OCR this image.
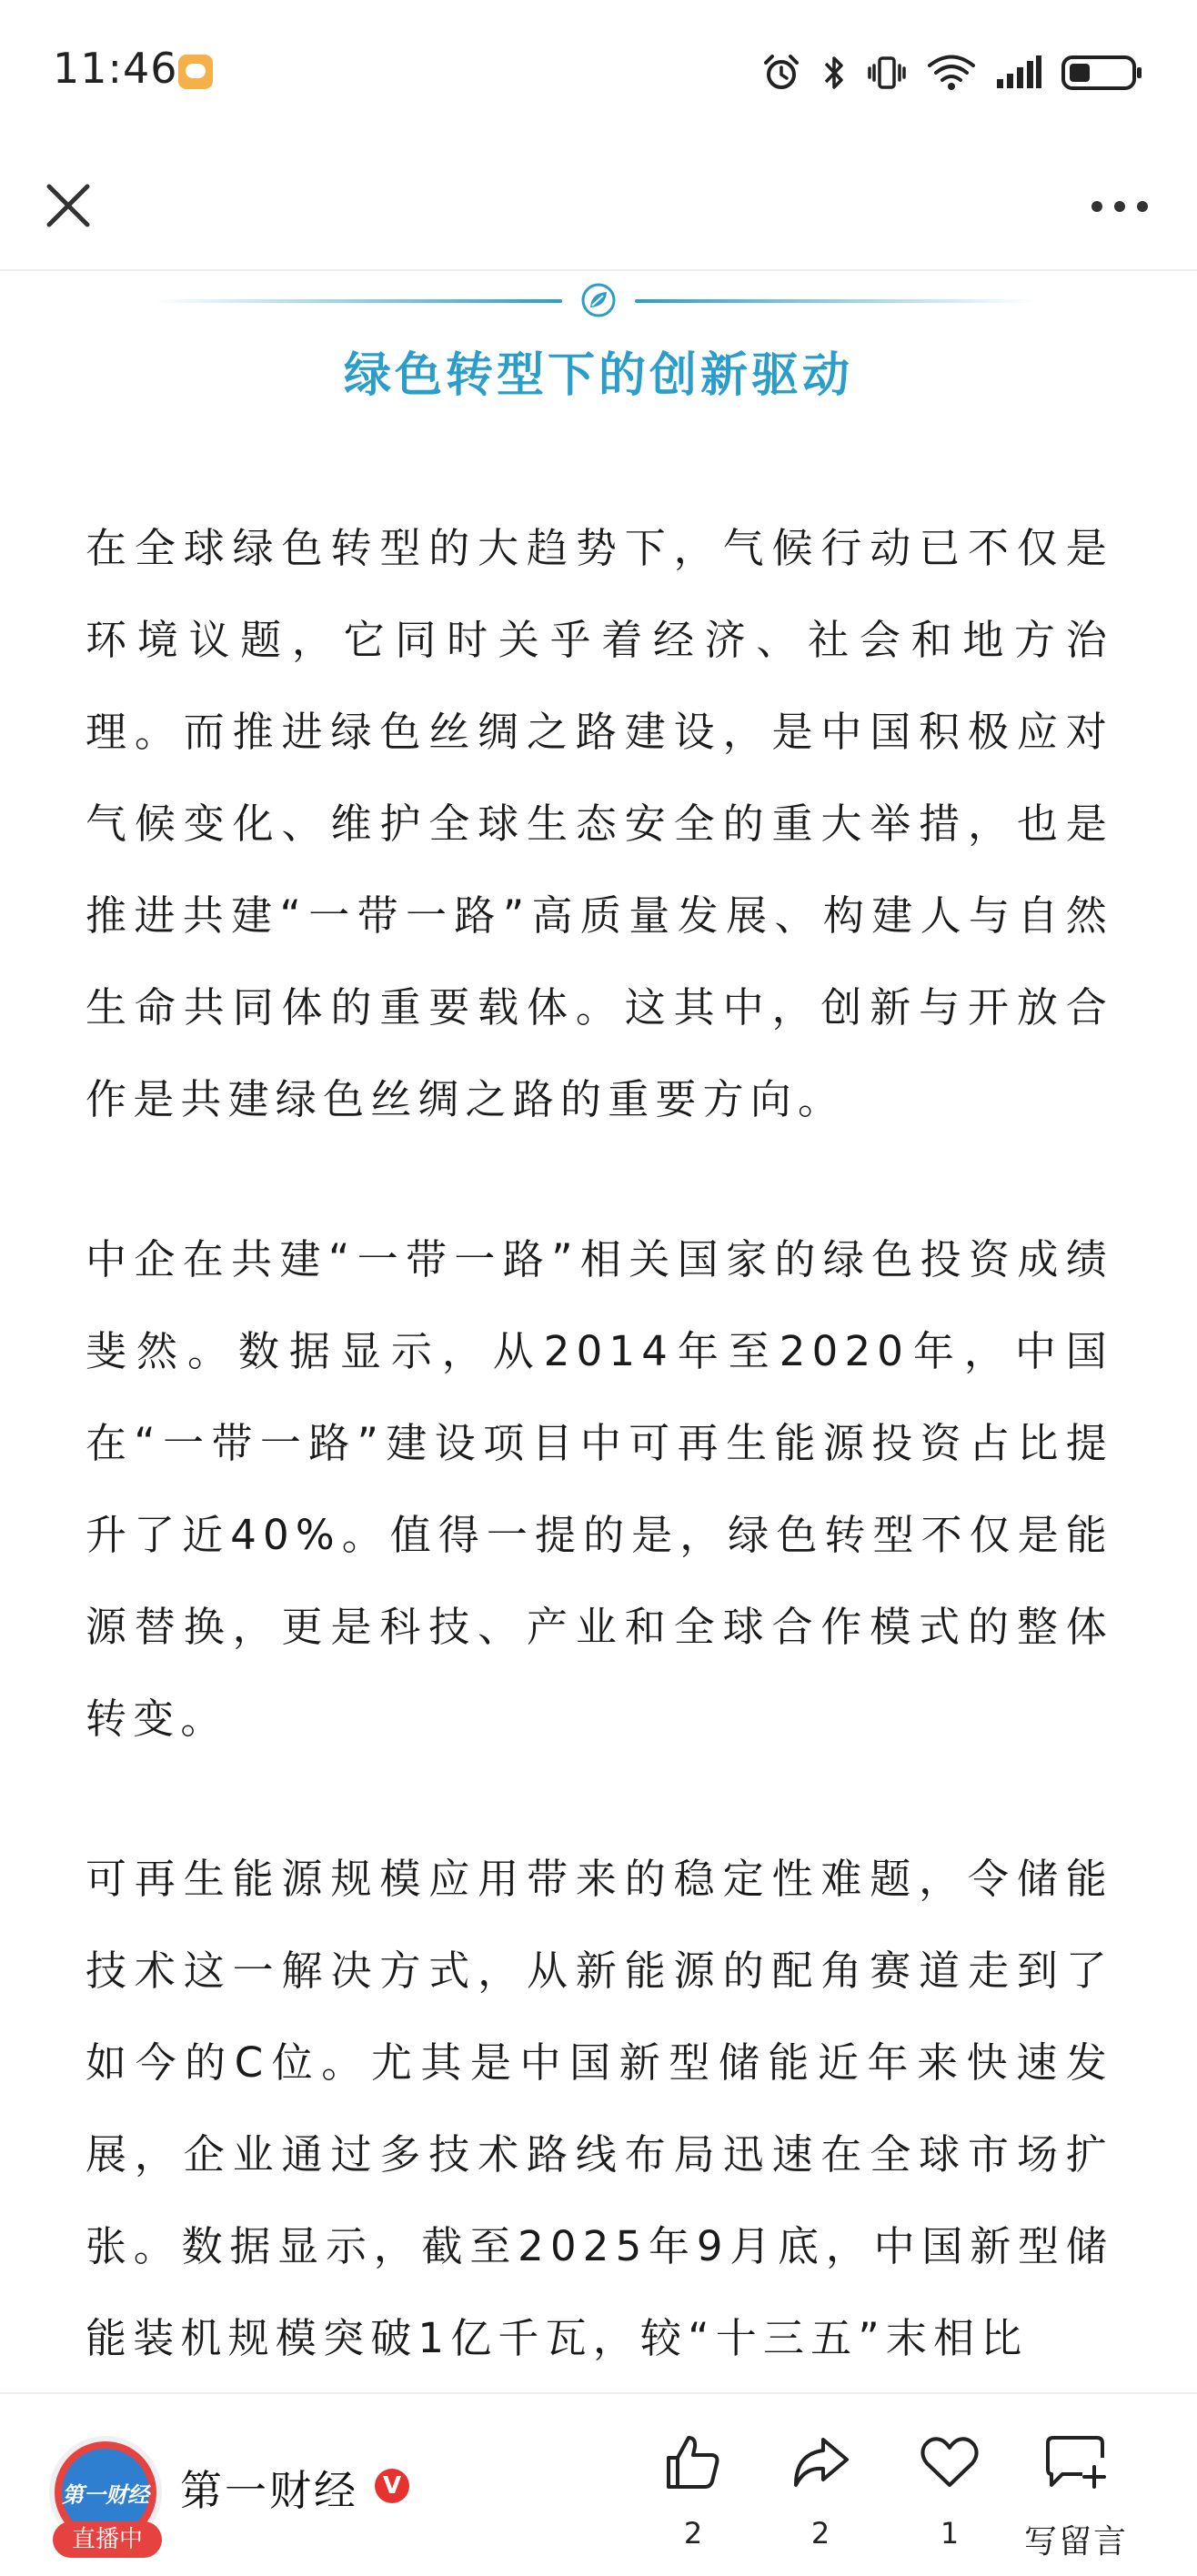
11:46
绿色转型下的创新驱动

在全球绿色转型的大趋势下，气候行动已不仅是环境议题，它同时关乎着经济、社会和地方治理。而推进绿色丝绸之路建设，是中国积极应对气候变化、维护全球生态安全的重大举措，也是推进共建“一带一路”高质量发展、构建人与自然生命共同体的重要载体。这其中，创新与开放合作是共建绿色丝绸之路的重要方向。

中企在共建“一带一路”相关国家的绿色投资成绩斐然。数据显示，从2014年至2020年，中国在“一带一路”建设项目中可再生能源投资占比提升了近40%。值得一提的是，绿色转型不仅是能源替换，更是科技、产业和全球合作模式的整体转变。

可再生能源规模应用带来的稳定性难题，令储能技术这一解决方式，从新能源的配角赛道走到了如今的C位。尤其是中国新型储能近年来快速发展，企业通过多技术路线布局迅速在全球市场扩张。数据显示，截至2025年9月底，中国新型储能装机规模突破1亿千瓦，较“十三五”末相比

第一财经
直播中
第一财经	V
2	2	1	写留言
